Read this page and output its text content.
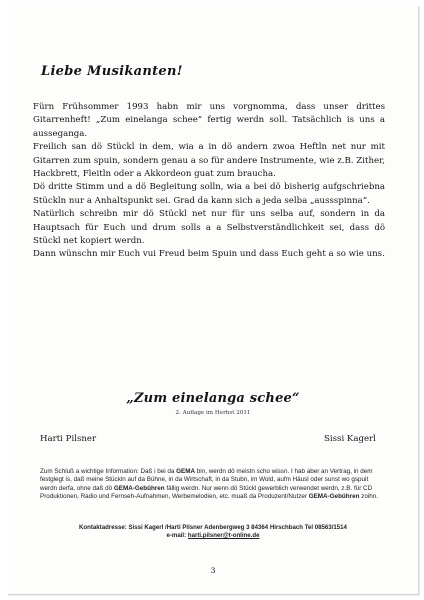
Liebe Musikanten!

Fürn Frühsommer 1993 habn mir uns vorgnomma, dass unser drittes Gitarrenheft! „Zum einelanga schee“ fertig werdn soll. Tatsächlich is uns a ausseganga.

Freilich san dö Stückl in dem, wia a in dö andern zwoa Heftln net nur mit Gitarren zum spuin, sondern genau a so für andere Instrumente, wie z.B. Zither, Hackbrett, Fleitln oder a Akkordeon guat zum braucha.

Dö dritte Stimm und a dö Begleitung solln, wia a bei dö bisherig aufgschriebna Stückln nur a Anhaltspunkt sei. Grad da kann sich a jeda selba „aussspinna“.

Natürlich schreibn mir dö Stückl net nur für uns selba auf, sondern in da Hauptsach für Euch und drum solls a a Selbstverständlichkeit sei, dass dö Stückl net kopiert werdn.

Dann wünschn mir Euch vui Freud beim Spuin und dass Euch geht a so wie uns.

„Zum einelanga schee“
2. Auflage im Herbst 2011
Harti Pilsner	Sissi Kagerl
Zum Schluß a wichtige Information: Daß i bei da GEMA bin, werdn dö meistn scho wissn. I hab aber an Vertrag, in dem festglegt is, daß meine Stückln auf da Bühne, in da Wirtschaft, in da Stubn, im Wold, aufm Häusl oder sunst wo gspuit werdn derfa, ohne daß dö GEMA-Gebühren fällig werdn. Nur wenn dö Stückl gewerblich verwendet werdn, z.B. für CD Produktionen, Radio und Fernseh-Aufnahmen, Werbemelodien, etc. muaß da Produzent/Nutzer GEMA-Gebühren zoihn.
Kontaktadresse: Sissi Kagerl /Harti Pilsner Adenbergweg 3 84364 Hirschbach Tel 08563/1514
e-mail: harti.pilsner@t-online.de
3
